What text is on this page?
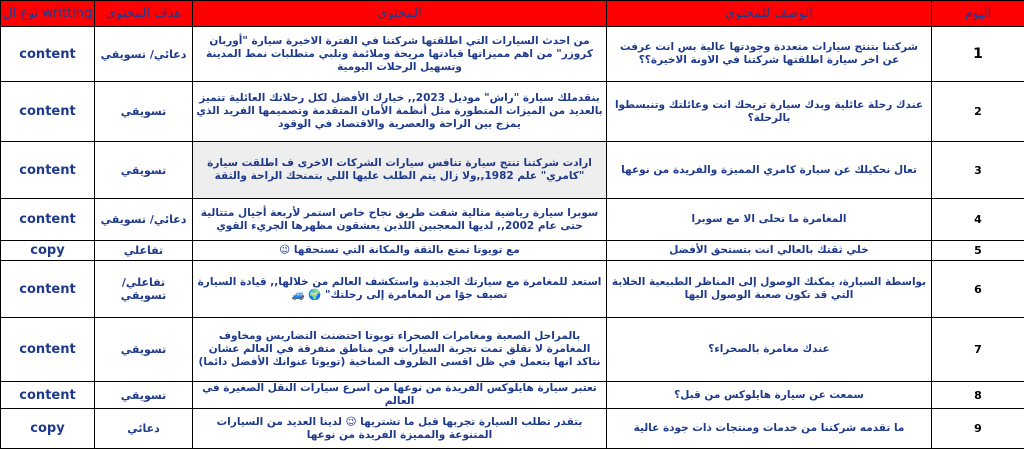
نوع ال writting	هدف المحتوى	المحتوى	الوصف للمحتوى	اليوم
content	دعائي/ تسويقي	من احدث السيارات التي اطلقتها شركتنا في الفترة الاخيرة سيارة "أوربان كروزر" من اهم مميزاتها قيادتها مريحة وملائمة وتلبي متطلبات نمط المدينة وتسهيل الرحلات اليومية	شركتنا بتنتج سيارات متعددة وجودتها عالية بس انت عرفت عن اخر سيارة اطلقتها شركتنا في الاونة الاخيرة؟؟	1
content	تسويقي	بنقدملك سيارة "راش" موديل 2023,, خيارك الأفضل لكل رحلاتك العائلية تتميز بالعديد من الميزات المتطورة مثل أنظمة الأمان المتقدمة وتصميمها الفريد الذي يمزج بين الراحة والعصرية والاقتصاد في الوقود	عندك رحلة عائلية وبدك سيارة تريحك انت وعائلتك وتنبسطوا بالرحلة؟	2
content	تسويقي	ارادت شركتنا تنتج سيارة تنافس سيارات الشركات الاخرى ف اطلقت سيارة "كامري" علم 1982,,ولا زال يتم الطلب عليها اللي بتمنحك الراحة والثقة	تعال نحكيلك عن سيارة كامري المميزة والفريدة من نوعها	3
content	دعائي/ تسويقي	سوبرا سيارة رياضية مثالية شقت طريق نجاح خاص استمر لأربعة أجيال متتالية حتى عام 2002,, لديها المعجبين اللذين يعشقون مظهرها الجريء القوي	المغامرة ما تحلى الا مع سوبرا	4
copy	تفاعلي	مع تويوتا تمتع بالثقة والمكانة التي تستحقها 😉	خلي ثقتك بالعالي انت بتستحق الأفضل	5
content	تفاعلي/ تسويقي	استعد للمغامرة مع سيارتك الجديدة واستكشف العالم من خلالها,, قيادة السيارة تضيف جوًا من المغامرة إلى رحلتك" 🌍 🚙	بواسطة السيارة، يمكنك الوصول إلى المناظر الطبيعية الخلابة التي قد تكون صعبة الوصول اليها	6
content	تسويقي	بالمراحل الصعبة ومغامرات الصحراء تويوتا احتضنت التضاريس ومخاوف المغامرة لا تقلق تمت تجربة السيارات في مناطق متفرقة في العالم عشان نتاكد انها بتعمل في ظل اقسى الظروف المناخية (تويوتا عنوانك الأفضل دائما)	عندك مغامرة بالصحراء؟	7
content	تسويقي	تعتبر سيارة هايلوكس الفريدة من نوعها من اسرع سيارات النقل الصغيرة في العالم	سمعت عن سيارة هايلوكس من قبل؟	8
copy	دعائي	بتقدر تطلب السيارة تجربها قبل ما تشتريها 😉 لدينا العديد من السيارات المتنوعة والمميزة الفريدة من نوعها	ما تقدمه شركتنا من خدمات ومنتجات ذات جودة عالية	9
